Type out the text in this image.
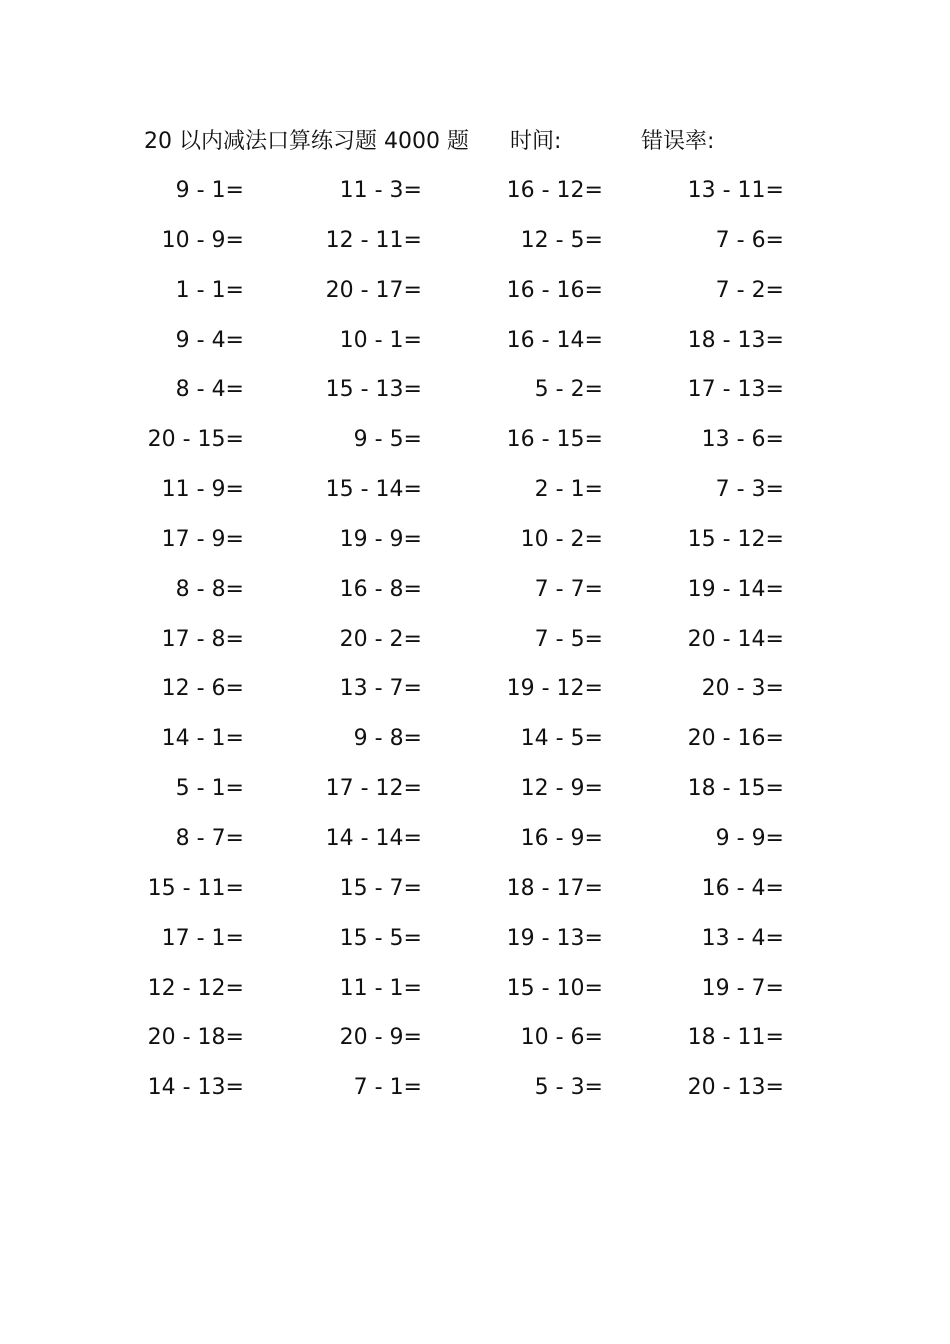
20 以内减法口算练习题 4000 题 时间:	错误率:
9 - 1=	11 - 3=	16 - 12=	13 - 11=
10 - 9=	12 - 11=	12 - 5=	7 - 6=
1 - 1=	20 - 17=	16 - 16=	7 - 2=
9 - 4=	10 - 1=	16 - 14=	18 - 13=
8 - 4=	15 - 13=	5 - 2=	17 - 13=
20 - 15=	9 - 5=	16 - 15=	13 - 6=
11 - 9=	15 - 14=	2 - 1=	7 - 3=
17 - 9=	19 - 9=	10 - 2=	15 - 12=
8 - 8=	16 - 8=	7 - 7=	19 - 14=
17 - 8=	20 - 2=	7 - 5=	20 - 14=
12 - 6=	13 - 7=	19 - 12=	20 - 3=
14 - 1=	9 - 8=	14 - 5=	20 - 16=
5 - 1=	17 - 12=	12 - 9=	18 - 15=
8 - 7=	14 - 14=	16 - 9=	9 - 9=
15 - 11=	15 - 7=	18 - 17=	16 - 4=
17 - 1=	15 - 5=	19 - 13=	13 - 4=
12 - 12=	11 - 1=	15 - 10=	19 - 7=
20 - 18=	20 - 9=	10 - 6=	18 - 11=
14 - 13=	7 - 1=	5 - 3=	20 - 13=
